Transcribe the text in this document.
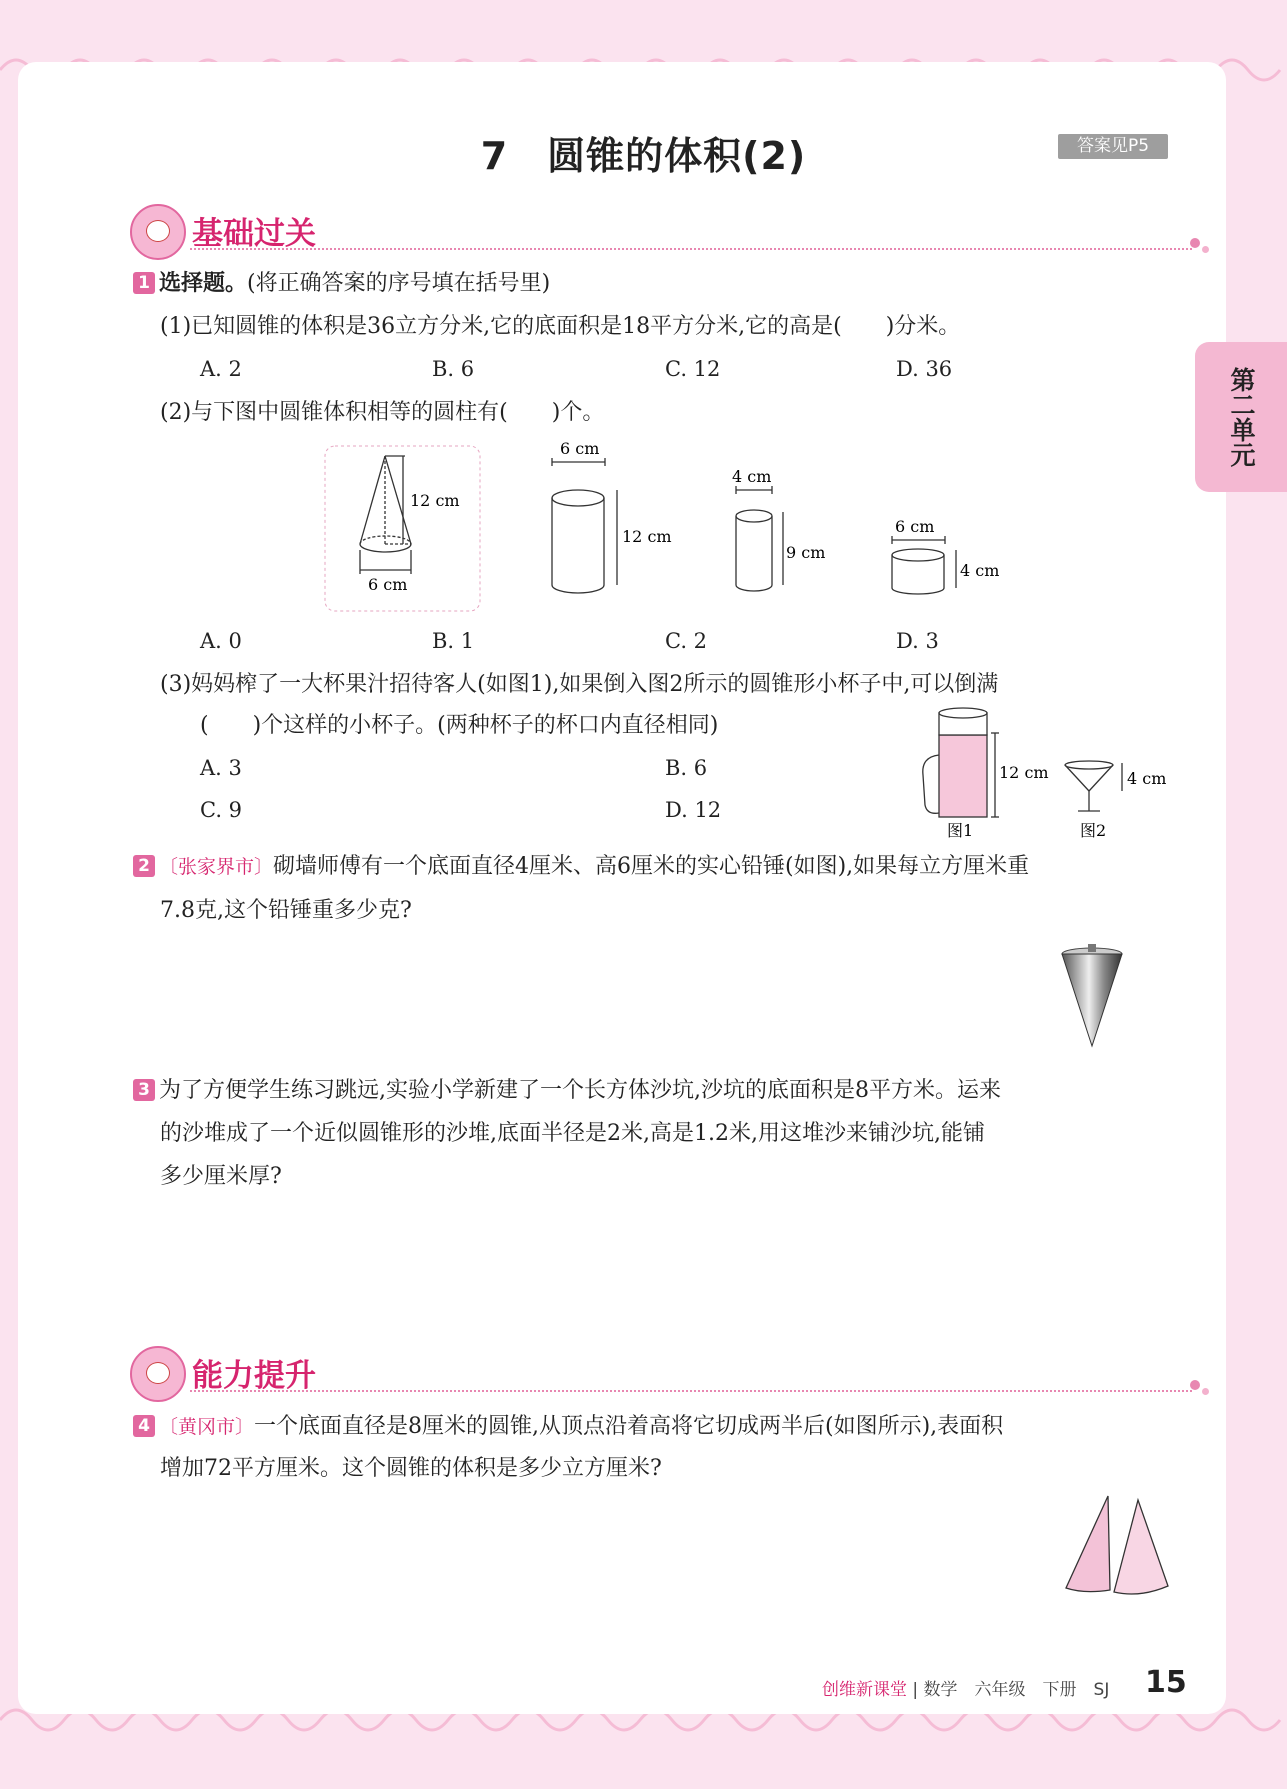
7　圆锥的体积(2)	答案见P5
第二单元
基础过关
1 选择题。(将正确答案的序号填在括号里)
(1)已知圆锥的体积是36立方分米,它的底面积是18平方分米,它的高是(　　)分米。
A. 2	B. 6	C. 12	D. 36
(2)与下图中圆锥体积相等的圆柱有(　　)个。
12 cm
6 cm
6 cm
12 cm
4 cm
9 cm
6 cm
4 cm
A. 0	B. 1	C. 2	D. 3
(3)妈妈榨了一大杯果汁招待客人(如图1),如果倒入图2所示的圆锥形小杯子中,可以倒满
(　　)个这样的小杯子。(两种杯子的杯口内直径相同)
A. 3	B. 6
C. 9	D. 12
12 cm
图1
4 cm
图2
2 〔张家界市〕砌墙师傅有一个底面直径4厘米、高6厘米的实心铅锤(如图),如果每立方厘米重
7.8克,这个铅锤重多少克?
3 为了方便学生练习跳远,实验小学新建了一个长方体沙坑,沙坑的底面积是8平方米。运来
的沙堆成了一个近似圆锥形的沙堆,底面半径是2米,高是1.2米,用这堆沙来铺沙坑,能铺
多少厘米厚?
能力提升
4 〔黄冈市〕一个底面直径是8厘米的圆锥,从顶点沿着高将它切成两半后(如图所示),表面积
增加72平方厘米。这个圆锥的体积是多少立方厘米?
创维新课堂 | 数学　六年级　下册　SJ 15
